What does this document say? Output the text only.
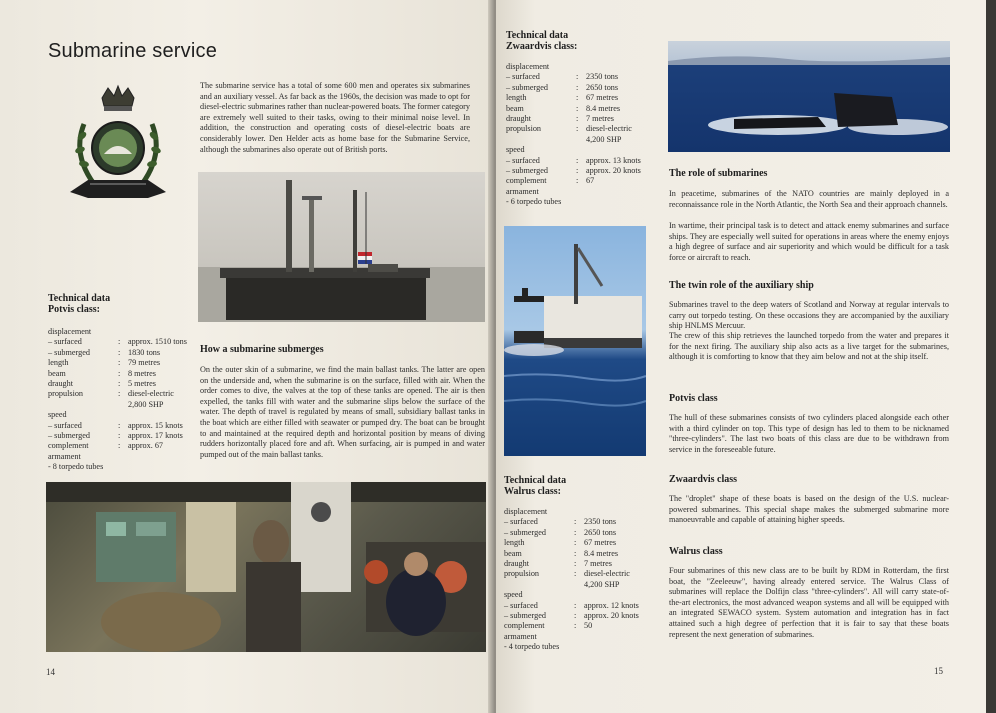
Submarine service
The submarine service has a total of some 600 men and operates six submarines and an auxiliary vessel. As far back as the 1960s, the decision was made to opt for diesel-electric submarines rather than nuclear-powered boats. The former category are extremely well suited to their tasks, owing to their minimal noise level. In addition, the construction and operating costs of diesel-electric boats are considerably lower. Den Helder acts as home base for the Submarine Service, although the submarines also operate out of British ports.
Technical data
Potvis class:
displacement
– surfaced	: approx. 1510 tons
– submerged	: 1830 tons
length	: 79 metres
beam	: 8 metres
draught	: 5 metres
propulsion	: diesel-electric
2,800 SHP
speed
– surfaced	: approx. 15 knots
– submerged	: approx. 17 knots
complement	: approx. 67
armament
- 8 torpedo tubes
How a submarine submerges
On the outer skin of a submarine, we find the main ballast tanks. The latter are open on the underside and, when the submarine is on the surface, filled with air. When the order comes to dive, the valves at the top of these tanks are opened. The air is then expelled, the tanks fill with water and the submarine slips below the surface of the water. The depth of travel is regulated by means of small, subsidiary ballast tanks in the boat which are either filled with seawater or pumped dry. The boat can be brought to and maintained at the required depth and horizontal position by means of diving rudders horizontally placed fore and aft. When surfacing, air is pumped in and water pumped out of the main ballast tanks.
14
Technical data
Zwaardvis class:
displacement
– surfaced	: 2350 tons
– submerged	: 2650 tons
length	: 67 metres
beam	: 8.4 metres
draught	: 7 metres
propulsion	: diesel-electric
4,200 SHP
speed
– surfaced	: approx. 13 knots
– submerged	: approx. 20 knots
complement	: 67
armament
- 6 torpedo tubes
The role of submarines
In peacetime, submarines of the NATO countries are mainly deployed in a reconnaissance role in the North Atlantic, the North Sea and their approach channels.
In wartime, their principal task is to detect and attack enemy submarines and surface ships. They are especially well suited for operations in areas where the enemy enjoys a high degree of surface and air superiority and which would be difficult for a task force or aircraft to reach.
The twin role of the auxiliary ship
Submarines travel to the deep waters of Scotland and Norway at regular intervals to carry out torpedo testing. On these occasions they are accompanied by the auxiliary ship HNLMS Mercuur.
The crew of this ship retrieves the launched torpedo from the water and prepares it for the next firing. The auxiliary ship also acts as a live target for the submarines, although it is comforting to know that they aim below and not at the ship itself.
Potvis class
The hull of these submarines consists of two cylinders placed alongside each other with a third cylinder on top. This type of design has led to them to be nicknamed "three-cylinders". The last two boats of this class are due to be withdrawn from service in the foreseeable future.
Technical data
Walrus class:
displacement
– surfaced	: 2350 tons
– submerged	: 2650 tons
length	: 67 metres
beam	: 8.4 metres
draught	: 7 metres
propulsion	: diesel-electric
4,200 SHP
speed
– surfaced	: approx. 12 knots
– submerged	: approx. 20 knots
complement	: 50
armament
- 4 torpedo tubes
Zwaardvis class
The "droplet" shape of these boats is based on the design of the U.S. nuclear-powered submarines. This special shape makes the submerged submarine more manoeuvrable and capable of attaining higher speeds.
Walrus class
Four submarines of this new class are to be built by RDM in Rotterdam, the first boat, the "Zeeleeuw", having already entered service. The Walrus Class of submarines will replace the Dolfijn class "three-cylinders". All will carry state-of-the-art electronics, the most advanced weapon systems and all will be equipped with an integrated SEWACO system. System automation and integration has in fact attained such a high degree of perfection that it is fair to say that these boats represent the next generation of submarines.
15
